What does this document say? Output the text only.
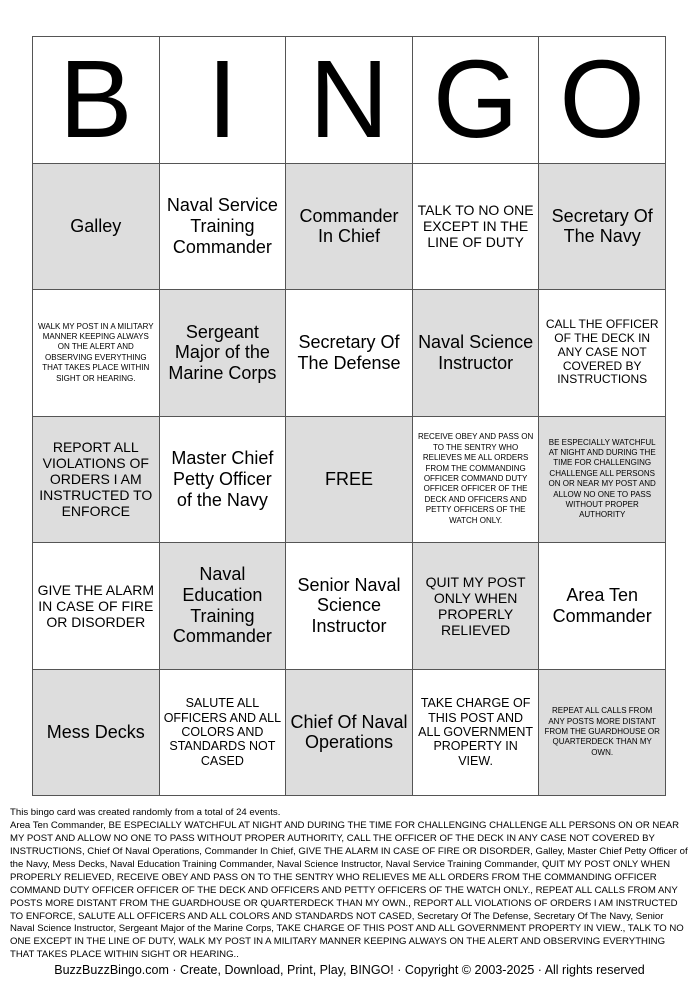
B I N G O
Galley
Naval Service Training Commander
Commander In Chief
TALK TO NO ONE EXCEPT IN THE LINE OF DUTY
Secretary Of The Navy
WALK MY POST IN A MILITARY MANNER KEEPING ALWAYS ON THE ALERT AND OBSERVING EVERYTHING THAT TAKES PLACE WITHIN SIGHT OR HEARING.
Sergeant Major of the Marine Corps
Secretary Of The Defense
Naval Science Instructor
CALL THE OFFICER OF THE DECK IN ANY CASE NOT COVERED BY INSTRUCTIONS
REPORT ALL VIOLATIONS OF ORDERS I AM INSTRUCTED TO ENFORCE
Master Chief Petty Officer of the Navy
FREE
RECEIVE OBEY AND PASS ON TO THE SENTRY WHO RELIEVES ME ALL ORDERS FROM THE COMMANDING OFFICER COMMAND DUTY OFFICER OFFICER OF THE DECK AND OFFICERS AND PETTY OFFICERS OF THE WATCH ONLY.
BE ESPECIALLY WATCHFUL AT NIGHT AND DURING THE TIME FOR CHALLENGING CHALLENGE ALL PERSONS ON OR NEAR MY POST AND ALLOW NO ONE TO PASS WITHOUT PROPER AUTHORITY
GIVE THE ALARM IN CASE OF FIRE OR DISORDER
Naval Education Training Commander
Senior Naval Science Instructor
QUIT MY POST ONLY WHEN PROPERLY RELIEVED
Area Ten Commander
Mess Decks
SALUTE ALL OFFICERS AND ALL COLORS AND STANDARDS NOT CASED
Chief Of Naval Operations
TAKE CHARGE OF THIS POST AND ALL GOVERNMENT PROPERTY IN VIEW.
REPEAT ALL CALLS FROM ANY POSTS MORE DISTANT FROM THE GUARDHOUSE OR QUARTERDECK THAN MY OWN.

This bingo card was created randomly from a total of 24 events.

Area Ten Commander, BE ESPECIALLY WATCHFUL AT NIGHT AND DURING THE TIME FOR CHALLENGING CHALLENGE ALL PERSONS ON OR NEAR MY POST AND ALLOW NO ONE TO PASS WITHOUT PROPER AUTHORITY, CALL THE OFFICER OF THE DECK IN ANY CASE NOT COVERED BY INSTRUCTIONS, Chief Of Naval Operations, Commander In Chief, GIVE THE ALARM IN CASE OF FIRE OR DISORDER, Galley, Master Chief Petty Officer of the Navy, Mess Decks, Naval Education Training Commander, Naval Science Instructor, Naval Service Training Commander, QUIT MY POST ONLY WHEN PROPERLY RELIEVED, RECEIVE OBEY AND PASS ON TO THE SENTRY WHO RELIEVES ME ALL ORDERS FROM THE COMMANDING OFFICER COMMAND DUTY OFFICER OFFICER OF THE DECK AND OFFICERS AND PETTY OFFICERS OF THE WATCH ONLY., REPEAT ALL CALLS FROM ANY POSTS MORE DISTANT FROM THE GUARDHOUSE OR QUARTERDECK THAN MY OWN., REPORT ALL VIOLATIONS OF ORDERS I AM INSTRUCTED TO ENFORCE, SALUTE ALL OFFICERS AND ALL COLORS AND STANDARDS NOT CASED, Secretary Of The Defense, Secretary Of The Navy, Senior Naval Science Instructor, Sergeant Major of the Marine Corps, TAKE CHARGE OF THIS POST AND ALL GOVERNMENT PROPERTY IN VIEW., TALK TO NO ONE EXCEPT IN THE LINE OF DUTY, WALK MY POST IN A MILITARY MANNER KEEPING ALWAYS ON THE ALERT AND OBSERVING EVERYTHING THAT TAKES PLACE WITHIN SIGHT OR HEARING..

BuzzBuzzBingo.com · Create, Download, Print, Play, BINGO! · Copyright © 2003-2025 · All rights reserved
